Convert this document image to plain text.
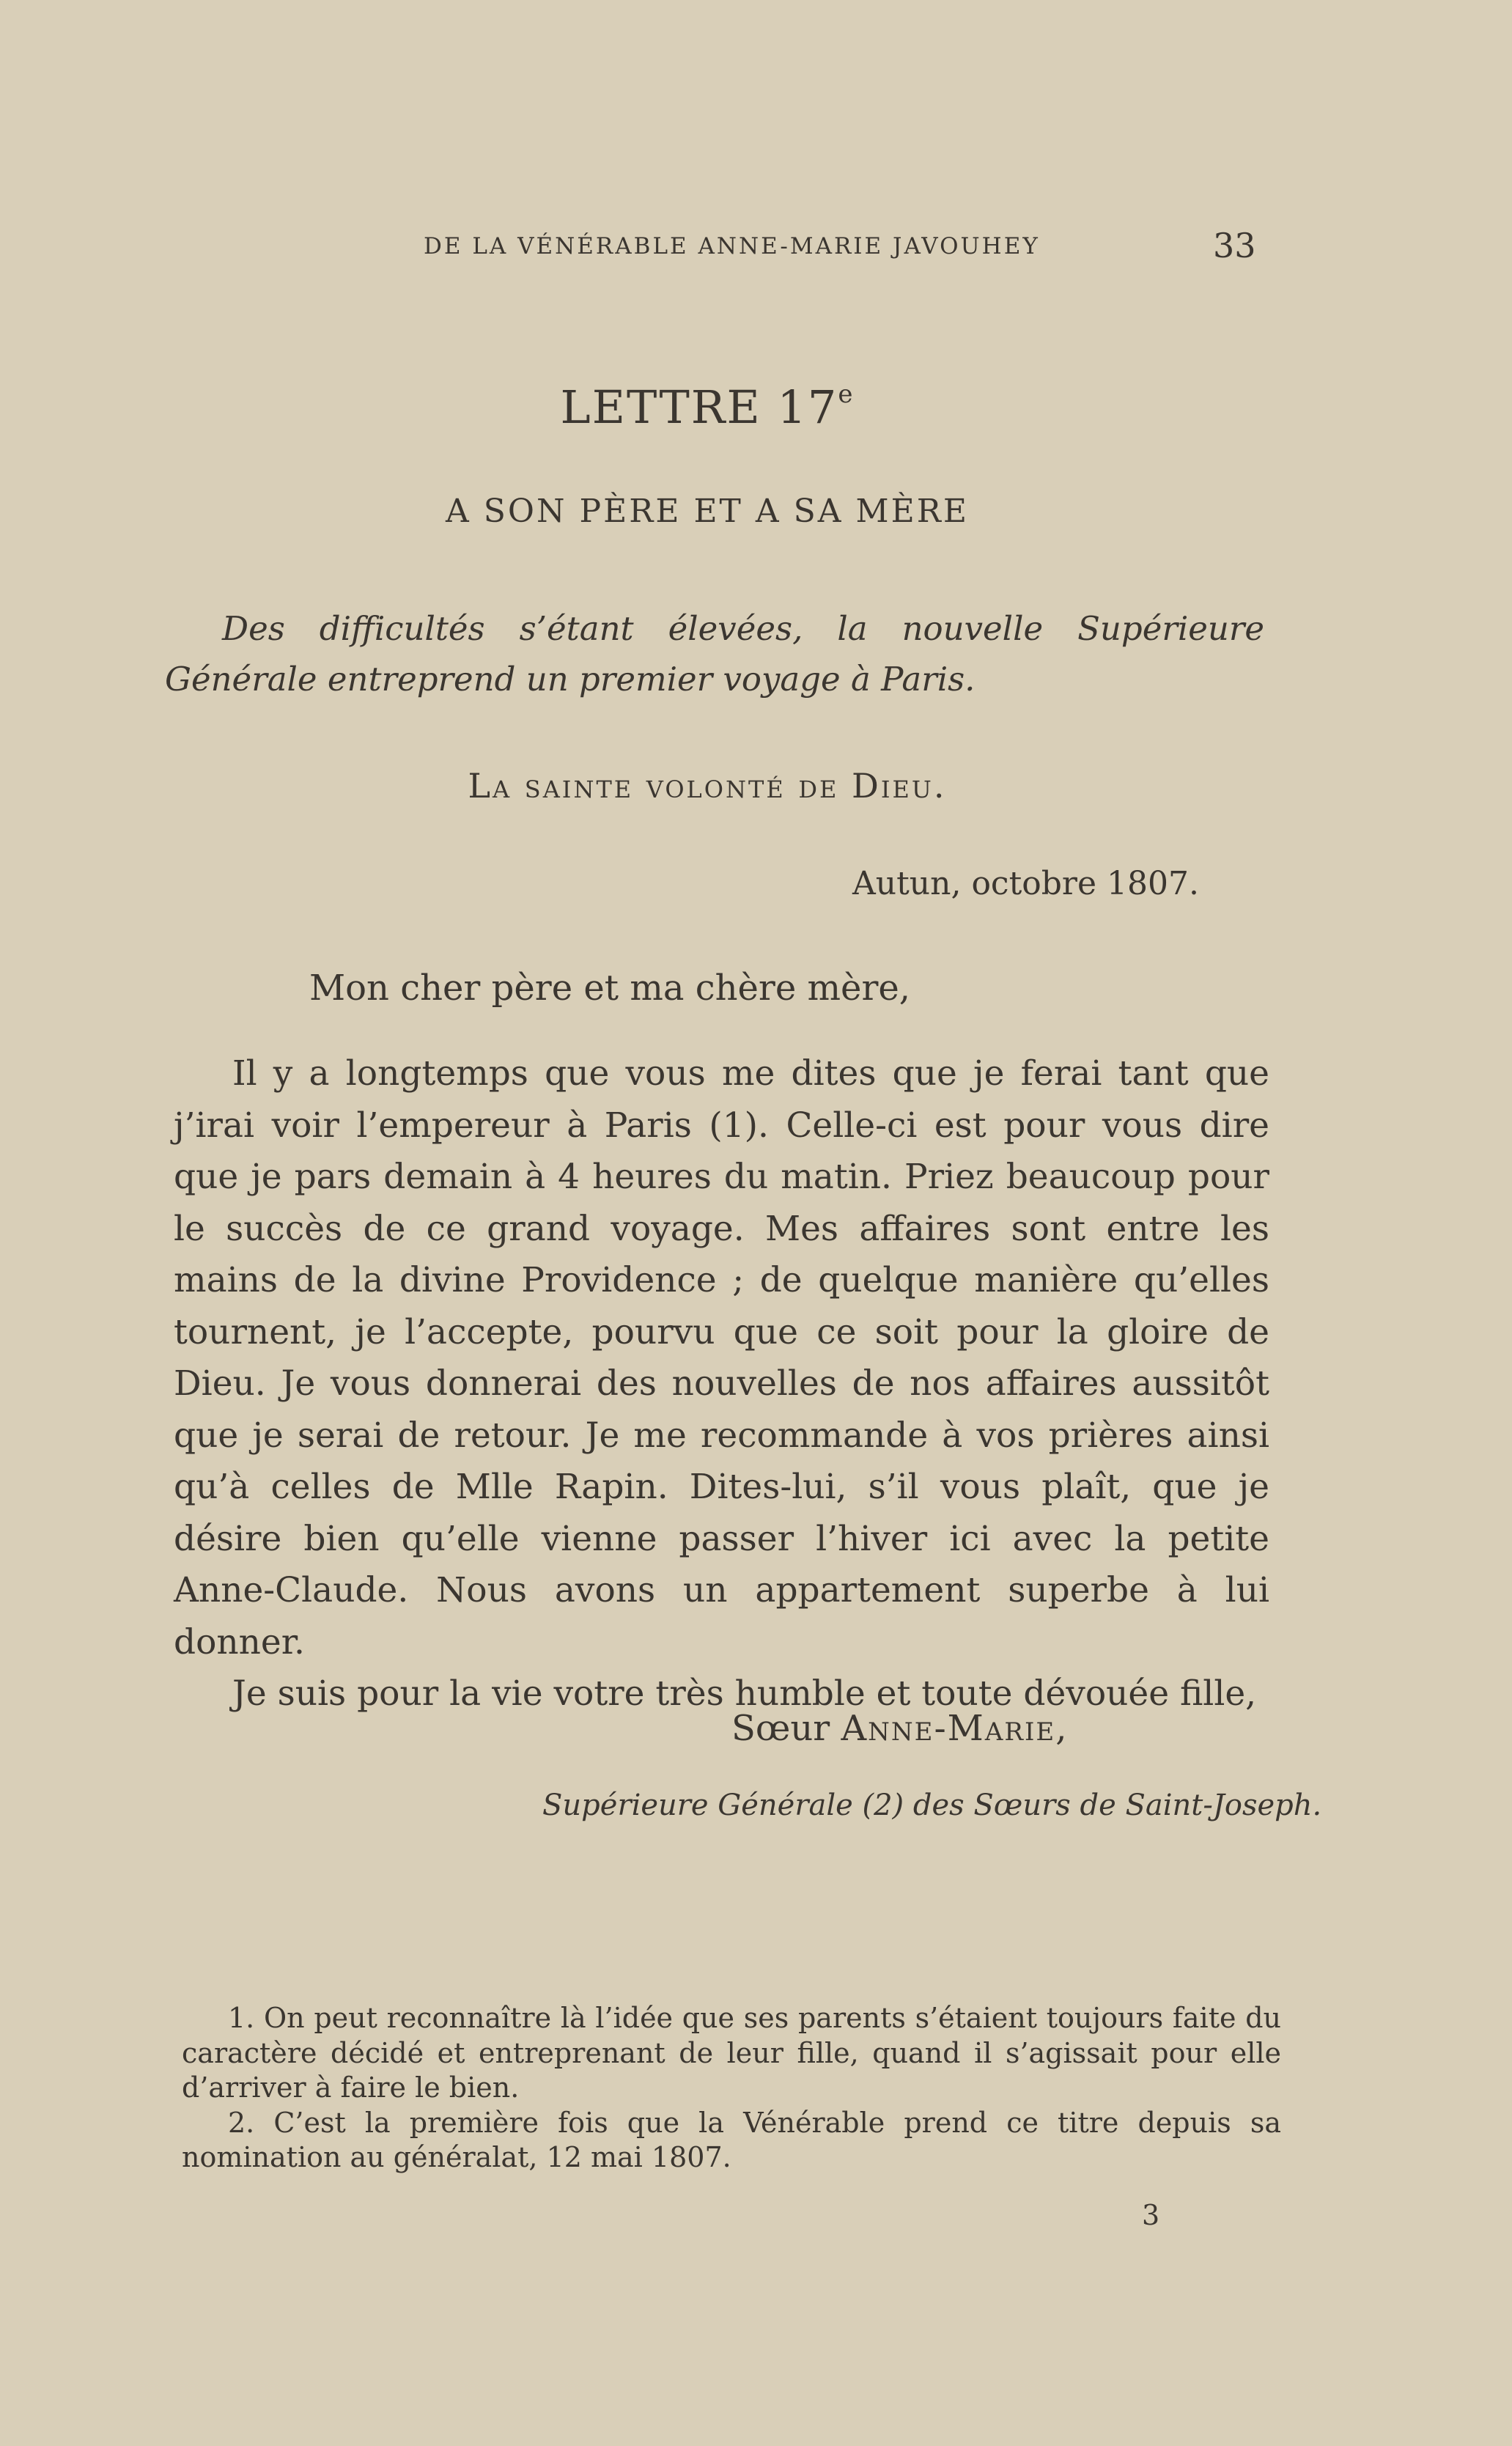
DE LA VÉNÉRABLE ANNE-MARIE JAVOUHEY	33
LETTRE 17e
A SON PÈRE ET A SA MÈRE
Des difficultés s’étant élevées, la nouvelle Supérieure Générale entreprend un premier voyage à Paris.
La sainte volonté de Dieu.
Autun, octobre 1807.
Mon cher père et ma chère mère,

Il y a longtemps que vous me dites que je ferai tant que j’irai voir l’empereur à Paris (1). Celle-ci est pour vous dire que je pars demain à 4 heures du matin. Priez beaucoup pour le succès de ce grand voyage. Mes affaires sont entre les mains de la divine Providence ; de quelque manière qu’elles tournent, je l’accepte, pourvu que ce soit pour la gloire de Dieu. Je vous donnerai des nouvelles de nos affaires aussitôt que je serai de retour. Je me recommande à vos prières ainsi qu’à celles de Mlle Rapin. Dites-lui, s’il vous plaît, que je désire bien qu’elle vienne passer l’hiver ici avec la petite Anne-Claude. Nous avons un appartement superbe à lui donner.

Je suis pour la vie votre très humble et toute dévouée fille,

Sœur Anne-Marie,
Supérieure Générale (2) des Sœurs de Saint-Joseph.

1. On peut reconnaître là l’idée que ses parents s’étaient toujours faite du caractère décidé et entreprenant de leur fille, quand il s’agissait pour elle d’arriver à faire le bien.

2. C’est la première fois que la Vénérable prend ce titre depuis sa nomination au généralat, 12 mai 1807.

3
